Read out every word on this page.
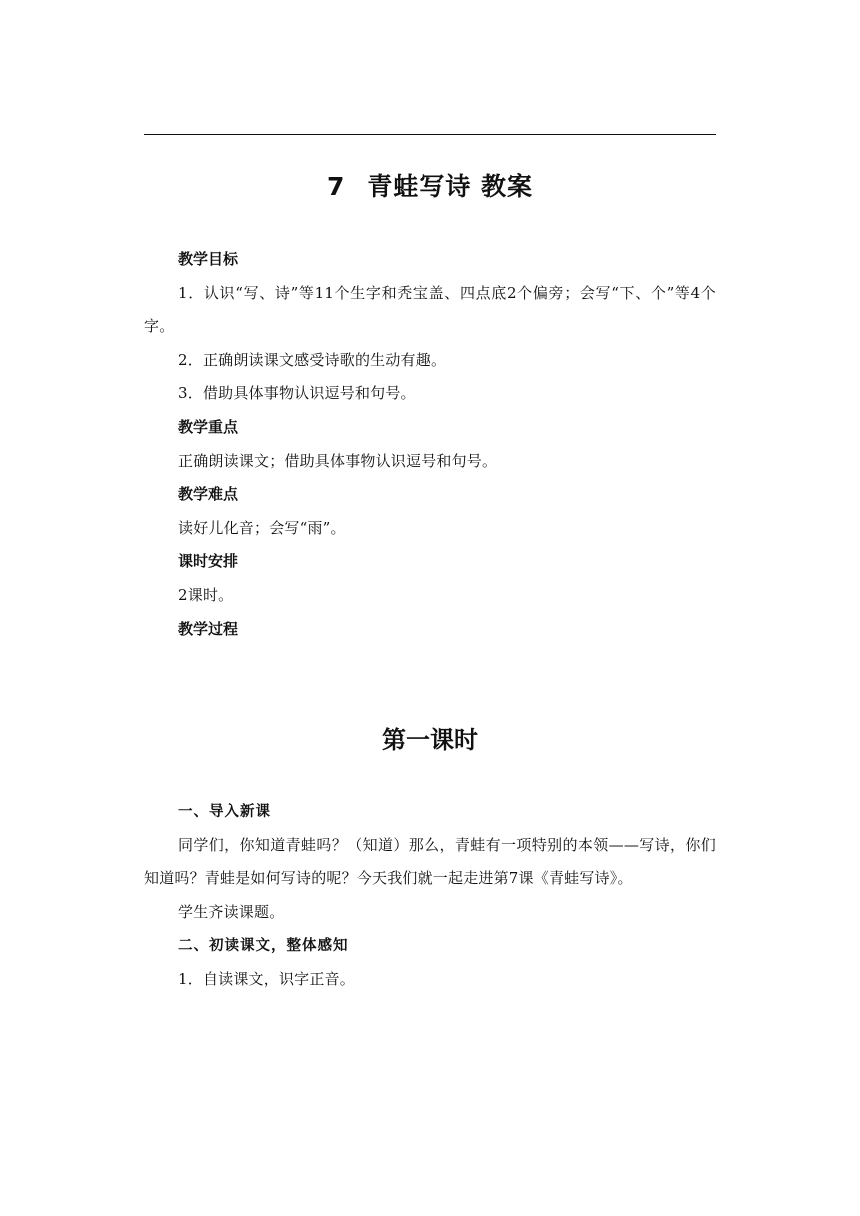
7 青蛙写诗 教案

教学目标

1．认识“写、诗”等11个生字和秃宝盖、四点底2个偏旁；会写“下、个”等4个字。

2．正确朗读课文感受诗歌的生动有趣。

3．借助具体事物认识逗号和句号。

教学重点

正确朗读课文；借助具体事物认识逗号和句号。

教学难点

读好儿化音；会写“雨”。

课时安排

2课时。

教学过程

第一课时

一、导入新课

同学们，你知道青蛙吗？（知道）那么，青蛙有一项特别的本领——写诗，你们知道吗？青蛙是如何写诗的呢？今天我们就一起走进第7课《青蛙写诗》。

学生齐读课题。

二、初读课文，整体感知

1．自读课文，识字正音。
